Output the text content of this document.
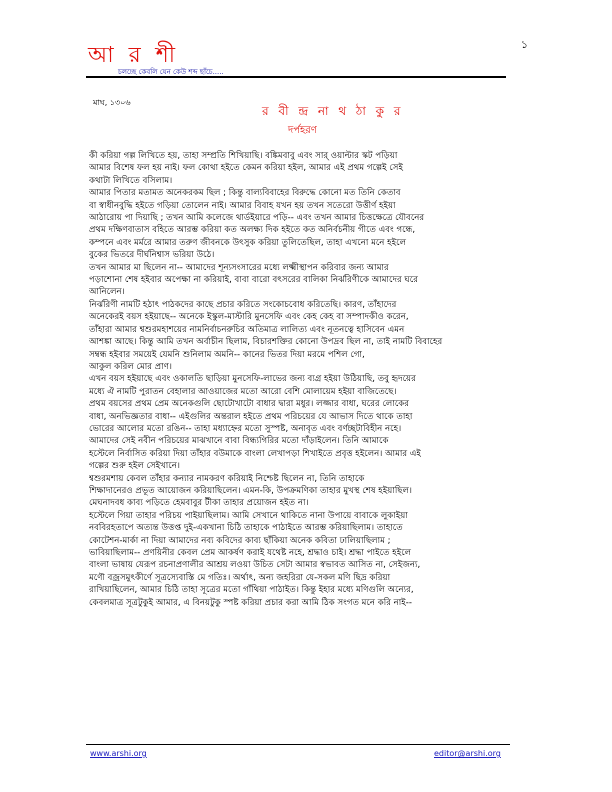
১
আ র শী
চলচ্ছে কেবলি যেন কেউ শব্দ ছাঁচে.....
মাঘ, ১৩০৬
র বী ন্দ্র না থ ঠা কু র
দর্পহরণ
কী করিয়া গল্প লিখিতে হয়, তাহা সম্প্রতি শিখিয়াছি। বঙ্কিমবাবু এবং সার্ ওয়াল্টার স্কট পড়িয়া
আমার বিশেষ ফল হয় নাই। ফল কোথা হইতে কেমন করিয়া হইল, আমার এই প্রথম গল্পেই সেই
কথাটা লিখিতে বসিলাম।
আমার পিতার মতামত অনেকরকম ছিল ; কিন্তু বাল্যবিবাহের বিরুদ্ধে কোনো মত তিনি কেতাব
বা স্বাধীনবুদ্ধি হইতে গড়িয়া তোলেন নাই। আমার বিবাহ যখন হয় তখন সতেরো উত্তীর্ণ হইয়া
আঠারোয় পা দিয়াছি ; তখন আমি কলেজে থার্ডইয়ারে পড়ি-- এবং তখন আমার চিত্তক্ষেত্রে যৌবনের
প্রথম দক্ষিণবাতাস বহিতে আরম্ভ করিয়া কত অলক্ষ্য দিক হইতে কত অনির্বচনীয় গীতে এবং গন্ধে,
কম্পনে এবং মর্মরে আমার তরুণ জীবনকে উৎসুক করিয়া তুলিতেছিল, তাহা এখনো মনে হইলে
বুকের ভিতরে দীর্ঘনিশ্বাস ভরিয়া উঠে।
তখন আমার মা ছিলেন না-- আমাদের শূন্যসংসারের মধ্যে লক্ষ্মীস্থাপন করিবার জন্য আমার
পড়াশোনা শেষ হইবার অপেক্ষা না করিয়াই, বাবা বারো বৎসরের বালিকা নির্ঝরিণীকে আমাদের ঘরে
আনিলেন।
নির্ঝরিণী নামটি হঠাৎ পাঠকদের কাছে প্রচার করিতে সংকোচবোধ করিতেছি। কারণ, তাঁহাদের
অনেকেরই বয়স হইয়াছে-- অনেকে ইস্কুল-মাস্টারি মুনসেফি এবং কেহ কেহ বা সম্পাদকীও করেন,
তাঁহারা আমার শ্বশুরমহাশয়ের নামনির্বাচনরুচির অতিমাত্র লালিত্য এবং নূতনত্বে হাসিবেন এমন
আশঙ্কা আছে। কিন্তু আমি তখন অর্বাচীন ছিলাম, বিচারশক্তির কোনো উপদ্রব ছিল না, তাই নামটি বিবাহের
সম্বন্ধ হইবার সময়েই যেমনি শুনিলাম অমনি-- কানের ভিতর দিয়া মরমে পশিল গো,
আকুল করিল মোর প্রাণ।
এখন বয়স হইয়াছে এবং ওকালতি ছাড়িয়া মুনসেফি-লাভের জন্য ব্যগ্র হইয়া উঠিয়াছি, তবু হৃদয়ের
মধ্যে ঐ নামটি পুরাতন বেহালার আওয়াজের মতো আরো বেশি মোলায়েম হইয়া বাজিতেছে।
প্রথম বয়সের প্রথম প্রেম অনেকগুলি ছোটোখাটো বাধার দ্বারা মধুর। লজ্জার বাধা, ঘরের লোকের
বাধা, অনভিজ্ঞতার বাধা-- এইগুলির অন্তরাল হইতে প্রথম পরিচয়ের যে আভাস দিতে থাকে তাহা
ভোরের আলোর মতো রঙিন-- তাহা মধ্যাহ্নের মতো সুস্পষ্ট, অনাবৃত এবং বর্ণচ্ছটাবিহীন নহে।
আমাদের সেই নবীন পরিচয়ের মাঝখানে বাবা বিন্ধ্যগিরির মতো দাঁড়াইলেন। তিনি আমাকে
হস্টেলে নির্বাসিত করিয়া দিয়া তাঁহার বউমাকে বাংলা লেখাপড়া শিখাইতে প্রবৃত্ত হইলেন। আমার এই
গল্পের শুরু হইল সেইখানে।
শ্বশুরমশায় কেবল তাঁহার কন্যার নামকরণ করিয়াই নিশ্চেষ্ট ছিলেন না, তিনি তাহাকে
শিক্ষাদানেরও প্রভূত আয়োজন করিয়াছিলেন। এমন-কি, উপক্রমণিকা তাহার মুখস্থ শেষ হইয়াছিল।
মেঘনাদবধ কাব্য পড়িতে হেমবাবুর টীকা তাহার প্রয়োজন হইত না।
হস্টেলে গিয়া তাহার পরিচয় পাইয়াছিলাম। আমি সেখানে থাকিতে নানা উপায়ে বাবাকে লুকাইয়া
নববিরহতাপে অত্যন্ত উত্তপ্ত দুই-একখানা চিঠি তাহাকে পাঠাইতে আরম্ভ করিয়াছিলাম। তাহাতে
কোটেশন-মার্কা না দিয়া আমাদের নব্য কবিদের কাব্য ছাঁকিয়া অনেক কবিতা ঢালিয়াছিলাম ;
ভাবিয়াছিলাম-- প্রণয়িনীর কেবল প্রেম আকর্ষণ করাই যথেষ্ট নহে, শ্রদ্ধাও চাই। শ্রদ্ধা পাইতে হইলে
বাংলা ভাষায় যেরূপ রচনাপ্রণালীর আশ্রয় লওয়া উচিত সেটা আমার স্বভাবত আসিত না, সেইজন্য,
মণৌ বজ্রসমুৎকীর্ণে সূত্রস্যেবাস্তি মে গতিঃ। অর্থাৎ, অন্য জহরিরা যে-সকল মণি ছিদ্র করিয়া
রাখিয়াছিলেন, আমার চিঠি তাহা সূত্রের মতো গাঁথিয়া পাঠাইত। কিন্তু ইহার মধ্যে মণিগুলি অন্যের,
কেবলমাত্র সূত্রটুকুই আমার, এ বিনয়টুকু স্পষ্ট করিয়া প্রচার করা আমি ঠিক সংগত মনে করি নাই--
www.arshi.org	editor@arshi.org
